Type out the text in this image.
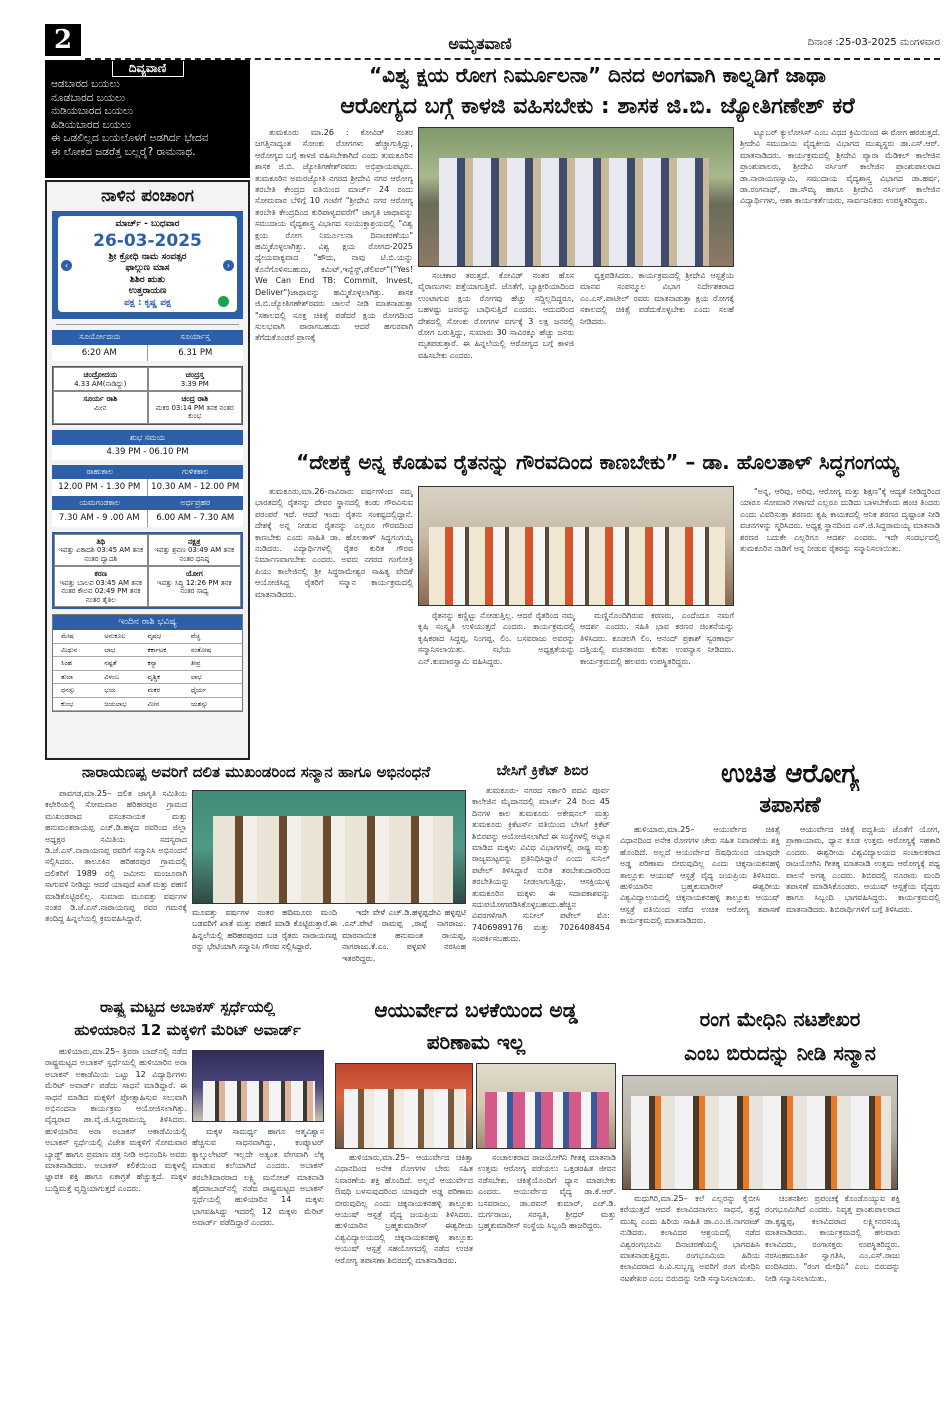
2	ಅಮೃತವಾಣಿ	ದಿನಾಂಕ :25-03-2025 ಮಂಗಳವಾರ
ದಿವ್ಯವಾಣಿ
ಆಡಬಾರದ ಬಯಲು
ನೂಡಬಾರದ ಬಯಲು
ನುಡಿಯಬಾರದ ಬಯಲು
ಹಿಡಿಯಬಾರದ ಬಯಲು
ಈ ಒಡಲಿಲ್ಲದ ಬಯಲೊಳಗೆ ಅಡಗಿರ್ದ ಭೇದವ
ಈ ಲೋಕದ ಜಡರೆತ್ತ ಬಲ್ಲರೈ? ರಾಮನಾಥ.
ನಾಳಿನ ಪಂಚಾಂಗ
ಮಾರ್ಚ್ - ಬುಧವಾರ
26-03-2025
ಶ್ರೀ ಕ್ರೋಧಿ ನಾಮ ಸಂವತ್ಸರ
ಫಾಲ್ಗುಣ ಮಾಸ
ಶಿಶಿರ ಋತು
ಉತ್ತರಾಯಣ
ಪಕ್ಷ : ಕೃಷ್ಣ ಪಕ್ಷ
‹	›
ಸೂರ್ಯೋದಯ	ಸೂರ್ಯಾಸ್ತ
6:20 AM	6.31 PM
ಚಂದ್ರೋದಯ
4.33 AM(ನಾಡಿದ್ದು)
ಚಂದ್ರಸ್ತ
3.39 PM
ಸೂರ್ಯ ರಾಶಿ
ಮೀನ
ಚಂದ್ರ ರಾಶಿ
ಮಕರ 03:14 PM ತನಕ ನಂತರ ಕುಂಭ
ಶುಭ ಸಮಯ
4.39 PM - 06.10 PM
ರಾಹುಕಾಲ	ಗುಳಿಕಕಾಲ
12.00 PM - 1.30 PM	10.30 AM - 12.00 PM
ಯಮಗಂಡಕಾಲ	ಅರ್ಧಪ್ರಹರ
7.30 AM - 9 .00 AM	6.00 AM - 7.30 AM
ತಿಥಿ
ಇವತ್ತು ಏಕಾದಶಿ 03:45 AM ತನಕ ನಂತರ ದ್ವಾದಶಿ
ನಕ್ಷತ್ರ
ಇವತ್ತು ಶ್ರವಣ 03:49 AM ತನಕ ನಂತರ ಧನಿಷ್ಠ
ಕರಣ
ಇವತ್ತು ಬಾಲವ 03:45 AM ತನಕ ನಂತರ ಕೌಲವ 02:49 PM ತನಕ ನಂತರ ತೈತಿಲ
ಯೋಗ
ಇವತ್ತು ಸಿದ್ಧಿ 12:26 PM ತನಕ ನಂತರ ಸಾಧ್ಯ
ಇಂದಿನ ರಾಶಿ ಭವಿಷ್ಯ
ಮೇಷ	ಅನುಕೂಲ	ವೃಷಭ	ವೆಚ್ಚ
ಮಿಥುನ	ಲಾಭ	ಕರ್ಕಾಟಕ	ಸಂತೋಷ
ಸಿಂಹ	ನಷ್ಟತೆ	ಕನ್ಯಾ	ತೀವ್ರ
ತುಲಾ	ವಿಳಂಬ	ವೃಶ್ಚಿಕ	ಲಾಭ
ಧನಸ್ಸು	ಭಯ	ಮಕರ	ಧೈರ್ಯ
ಕುಂಭ	ಜಯಲಾಭ	ಮೀನ	ಯಶಸ್ಸು
“ವಿಶ್ವ ಕ್ಷಯ ರೋಗ ನಿರ್ಮೂಲನಾ” ದಿನದ ಅಂಗವಾಗಿ ಕಾಲ್ನಡಿಗೆ ಜಾಥಾ
ಆರೋಗ್ಯದ ಬಗ್ಗೆ ಕಾಳಜಿ ವಹಿಸಬೇಕು : ಶಾಸಕ ಜಿ.ಬಿ. ಜ್ಯೋತಿಗಣೇಶ್ ಕರೆ
ತುಮಕೂರು ಮಾ.26 : ಕೋವಿಡ್ ನಂತರ ಜಗತ್ತಿನಾದ್ಯಂತ ಸೋಂಕು ರೋಗಗಳು ಹೆಚ್ಚಾಗುತ್ತಿದ್ದು, ಆರೋಗ್ಯದ ಬಗ್ಗೆ ಕಾಳಜಿ ವಹಿಸಬೇಕಾಗಿದೆ ಎಂದು ತುಮಕೂರಿನ ಶಾಸಕ ಜಿ.ಬಿ. ಜ್ಯೋತಿಗಣೇಶ್‌ರವರು ಅಭಿಪ್ರಾಯಪಟ್ಟರು. ತುಮಕೂರಿನ ಅಮರಜ್ಯೋತಿ ನಗರದ ಶ್ರೀದೇವಿ ನಗರ ಆರೋಗ್ಯ ತರಬೇತಿ ಕೇಂದ್ರದ ವತಿಯಿಂದ ಮಾರ್ಚ್ 24 ರಂದು ಸೋಮವಾರ ಬೆಳಿಗ್ಗೆ 10 ಗಂಟೆಗೆ "ಶ್ರೀದೇವಿ ನಗರ ಆರೋಗ್ಯ ತರಬೇತಿ ಕೇಂದ್ರದಿಂದ ಕುರಿಪಾಳ್ಯದವರೆಗೆ" ಜಾಗೃತಿ ಜಾಥಾವನ್ನು ಸಮುದಾಯ ವೈದ್ಯಶಾಸ್ತ್ರ ವಿಭಾಗದ ಸಂಯುಕ್ತಾಶ್ರಯದಲ್ಲಿ "ವಿಶ್ವ ಕ್ಷಯ ರೋಗ ನಿರ್ಮೂಲನಾ ದಿನಾಚರಣೆಯು" ಹಮ್ಮಿಕೊಳ್ಳಲಾಗಿತ್ತು. ವಿಶ್ವ ಕ್ಷಯ ರೋಗದ-2025 ಧ್ಯೇಯವಾಕ್ಯವಾದ "ಹೌದು, ನಾವು ಟಿ.ಬಿ.ಯನ್ನು ಕೊನೆಗೊಳಿಸಬಹುದು, ಕಮಿಟ್,ಇನ್ವೆಸ್ಟ್,ಡೆಲಿವರ್"("Yes! We Can End TB: Commit, Invest, Deliver")ಜಾಥಾವನ್ನು ಹಮ್ಮಿಕೊಳ್ಳಲಾಗಿತ್ತು. ಶಾಸಕ ಜಿ.ಬಿ.ಜ್ಯೋತಿಗಣೇಶ್‌ರವರು ಚಾಲನೆ ನೀಡಿ ಮಾತನಾಡುತ್ತಾ "ಸಕಾಲದಲ್ಲಿ ಸೂಕ್ತ ಚಿಕಿತ್ಸೆ ಪಡೆದರೆ ಕ್ಷಯ ರೋಗದಿಂದ ಸುಲಭವಾಗಿ ಪಾರಾಗಬಹುದು ಆದರೆ ಹಗುರವಾಗಿ ತೆಗೆದುಕೊಂಡರೆ ಪ್ರಾಣಕ್ಕೆ
ಸಂಚಕಾರ ತರುತ್ತದೆ. ಕೋವಿಡ್ ನಂತರ ಹೊಸ ವೈರಾಣುಗಳು ಪತ್ತೆಯಾಗುತ್ತಿವೆ. ಜೊತೆಗೆ, ಬ್ಯಾಕ್ಟೀರಿಯಾದಿಂದ ಉಂಟಾಗುವ ಕ್ಷಯ ರೋಗವು ಹೆಚ್ಚು ಸದ್ದಿಲ್ಲದಿದ್ದರೂ, ಬಹಳಷ್ಟು ಜನರನ್ನು ಬಾಧಿಸುತ್ತಿದೆ ಎಂದರು. ಆದುದರಿಂದ ದೇಶದಲ್ಲಿ ಸೋಂಕು ರೋಗಗಳ ವರ್ಗಕ್ಕೆ 3 ಲಕ್ಷ ಜನರಲ್ಲಿ ರೋಗ ಬರುತ್ತಿದ್ದು, ಸುಮಾರು 30 ಸಾವಿರಕ್ಕೂ ಹೆಚ್ಚು ಜನರು ಮೃತಪಡುತ್ತಾರೆ. ಈ ಹಿನ್ನಲೆಯಲ್ಲಿ ಆರೋಗ್ಯದ ಬಗ್ಗೆ ಕಾಳಜಿ ವಹಿಸಬೇಕು ಎಂದರು.
ವ್ಯಕ್ತಪಡಿಸಿದರು. ಕಾರ್ಯಕ್ರಮದಲ್ಲಿ ಶ್ರೀದೇವಿ ಆಸ್ಪತ್ರೆಯ ಮಾನವ ಸಂಪನ್ಮೂಲ ವಿಭಾಗ ನಿರ್ದೇಶಕರಾದ ಎಂ.ಎಸ್.ಪಾಟೀಲ್ ರವರು ಮಾತನಾಡುತ್ತಾ ಕ್ಷಯ ರೋಗಕ್ಕೆ ಸಕಾಲದಲ್ಲಿ ಚಿಕಿತ್ಸೆ ಪಡೆದುಕೊಳ್ಳಬೇಕು ಎಂದು ಸಲಹೆ ನೀಡಿದರು.
ಟ್ಯೂಬರ್ ಕ್ಯುಲೋಸಿಸ್ ಎಂಬ ವಿಧದ ಕ್ರಿಮಿಯಿಂದ ಈ ರೋಗ ಹರಡುತ್ತದೆ. ಶ್ರೀದೇವಿ ಸಮುದಾಯ ವೈದ್ಯಕೀಯ ವಿಭಾಗದ ಮುಖ್ಯಸ್ಥರು ಡಾ.ಎಸ್.ಆರ್. ಮಾತನಾಡಿದರು. ಕಾರ್ಯಕ್ರಮದಲ್ಲಿ ಶ್ರೀದೇವಿ ಪ್ಯಾರಾ ಮೆಡಿಕಲ್ ಕಾಲೇಜಿನ ಪ್ರಾಂಶುಪಾಲರು, ಶ್ರೀದೇವಿ ನರ್ಸಿಂಗ್ ಕಾಲೇಜಿನ ಪ್ರಾಂಶುಪಾಲರಾದ ಡಾ.ನಾರಾಯಣಸ್ವಾಮಿ, ಸಮುದಾಯ ವೈದ್ಯಶಾಸ್ತ್ರ ವಿಭಾಗದ ಡಾ.ಹರ್ಷ, ಡಾ.ರಂಗನಾಥ್, ಡಾ.ಸೌಮ್ಯ ಹಾಗೂ ಶ್ರೀದೇವಿ ನರ್ಸಿಂಗ್ ಕಾಲೇಜಿನ ವಿದ್ಯಾರ್ಥಿಗಳು, ಆಶಾ ಕಾರ್ಯಕರ್ತೆಯರು, ಸಾರ್ವಜನಿಕರು ಉಪಸ್ಥಿತರಿದ್ದರು.
“ದೇಶಕ್ಕೆ ಅನ್ನ ಕೊಡುವ ರೈತನನ್ನು ಗೌರವದಿಂದ ಕಾಣಬೇಕು” – ಡಾ. ಹೊಲತಾಳ್ ಸಿದ್ಧಗಂಗಯ್ಯ
ತುಮಕೂರು,ಮಾ.26-ನಾವಿರಾರು ವರ್ಷಗಳಿಂದ ನಮ್ಮ ಭಾರತದಲ್ಲಿ ರೈತನನ್ನು ದೇವರ ಸ್ಥಾನದಲ್ಲಿ ಕಂಡು ಗೌರವಿಸುವ ಪರಂಪರೆ ಇದೆ. ಆದರೆ ಇಂದು ರೈತನು ಸಂಕಷ್ಟದಲ್ಲಿದ್ದಾನೆ. ದೇಶಕ್ಕೆ ಅನ್ನ ನೀಡುವ ರೈತನನ್ನು ಎಲ್ಲರೂ ಗೌರವದಿಂದ ಕಾಣಬೇಕು ಎಂದು ಸಾಹಿತಿ ಡಾ. ಹೊಲತಾಳ್ ಸಿದ್ಧಗಂಗಯ್ಯ ನುಡಿದರು. ವಿದ್ಯಾರ್ಥಿಗಳಲ್ಲಿ ರೈತರ ಕುರಿತ ಗೌರವ ನಿರ್ಮಾಣವಾಗಬೇಕು ಎಂದರು. ಅವರು ನಗರದ ಗಂಗೋತ್ರಿ ಪಿಯು ಕಾಲೇಜಿನಲ್ಲಿ ಶ್ರೀ ಸಿದ್ಧರಾಮೇಶ್ವರ ಸಾಹಿತ್ಯ ವೇದಿಕೆ ಆಯೋಜಿಸಿದ್ದ ರೈತರಿಗೆ ಸನ್ಮಾನ ಕಾರ್ಯಕ್ರಮದಲ್ಲಿ ಮಾತನಾಡಿದರು.
ರೈತನನ್ನು ಕಣ್ಣಿಟ್ಟು ನೋಡುತ್ತಿಲ್ಲ. ಆದರೆ ರೈತರಿಂದ ನಮ್ಮ ಕೃಷಿ ಸಂಸ್ಕೃತಿ ಉಳಿಯುತ್ತದೆ ಎಂದರು. ಕಾರ್ಯಕ್ರಮದಲ್ಲಿ ಕೃಷಿಕರಾದ ಸಿದ್ದಪ್ಪ, ನಿಂಗಪ್ಪ, ಲಿಂ. ಬಸವರಾಜು ಅವರನ್ನು ಸನ್ಮಾನಿಸಲಾಯಿತು. ಸಭೆಯ ಅಧ್ಯಕ್ಷತೆಯನ್ನು ಎನ್.ಕುಮಾರಸ್ವಾಮಿ ವಹಿಸಿದ್ದರು.
ಮಣ್ಣಿನೊಂದಿಗಿರುವ ಕರಣರು, ಎಂದೆಂದೂ ನಮಗೆ ಆದರ್ಶ ಎಂದರು. ಸಹಿತಿ ಭಾವ ಕರಣರ ಚಿಂತನೆಯನ್ನು ತಿಳಿಸಿದರು. ಕೂಡಲಗಿ ಲಿಂ. ಆನಂದ್ ಪ್ರಕಾಶ್ ಸ್ವರಣಾರ್ಥ ದತ್ತಿಯಲ್ಲಿ ವಚನಕಾರರು ಕುರಿತು ಉಪನ್ಯಾಸ ನೀಡಿದರು. ಕಾರ್ಯಕ್ರಮದಲ್ಲಿ ಹಲವರು ಉಪಸ್ಥಿತರಿದ್ದರು.
"ಅನ್ನ, ಆರಿವು, ಅರಿವು, ಆರೋಗ್ಯ ಮತ್ತು ಶಿಕ್ಷಣ"ಕ್ಕೆ ಆದ್ಯತೆ ನೀಡಿದ್ದರಿಂದ ಯಾರೂ ಸೋಮಾರಿ ಗಳಾಗದೆ ಎಲ್ಲರೂ ದುಡಿದು ಬಾಳಬೇಕೆಂದು ಹಂಚಿ ತಿಂದರು ಎಂದು ವಿವರಿಸುತ್ತಾ ಶರಣರು ಕೃಷಿ ಕಾಯಕದಲ್ಲಿ ಆನಿಕ ಶರಣರ ದೃಷ್ಟಾಂತ ನೀಡಿ ವಚನಗಳನ್ನು ಸ್ಮರಿಸಿದರು. ಅಧ್ಯಕ್ಷ ಸ್ಥಾನದಿಂದ ಎಸ್.ಜಿ.ಸಿದ್ದರಾಮಯ್ಯ ಮಾತನಾಡಿ ಶರಣರ ಬದುಕೇ ಎಲ್ಲರಿಗೂ ಆದರ್ಶ ಎಂದರು. ಇದೇ ಸಂದರ್ಭದಲ್ಲಿ ತುಮಕೂರಿನ ನಾಡಿಗೆ ಅನ್ನ ನೀಡುವ ರೈತರನ್ನು ಸನ್ಮಾನಿಸಲಾಯಿತು.
ನಾರಾಯಣಪ್ಪ ಅವರಿಗೆ ದಲಿತ ಮುಖಂಡರಿಂದ ಸನ್ಮಾನ ಹಾಗೂ ಅಭಿನಂಧನೆ
ಪಾವಗಡ,ಮಾ.25– ದಲಿತ ಜಾಗೃತಿ ಸಮಿತಿಯ ಕಛೇರಿಯಲ್ಲಿ ಸೋಮವಾರ ಹರಿಹರಪುರ ಗ್ರಾಮದ ಮುಖಂಡರಾದ ವಸಂತನಾಯಕ ಮತ್ತು ಹನುಮಂತರಾಯಪ್ಪ ಎಚ್.ಡಿ.ಹಳ್ಳದ ರವರಿಂದ ಜಿಲ್ಲಾ ಅಧ್ಯಕ್ಷರ ಸಮಿತಿಯ ಸದಸ್ಯರಾದ ಡಿ.ಜೆ.ಎಸ್.ನಾರಾಯಣಪ್ಪ ರವರಿಗೆ ಸನ್ಮಾನಿಸಿ ಅಭಿನಂದನೆ ಸಲ್ಲಿಸಿದರು. ತಾಲೂಕಿನ ಹರಿಹರಪುರ ಗ್ರಾಮದಲ್ಲಿ ದಲಿತರಿಗೆ 1989 ರಲ್ಲಿ ಜಮೀನು ಮಂಜೂರಾಗಿ ಸಾಗುವಳಿ ನೀಡಿದ್ದು ಆದರೆ ಯಾವುದೆ ಖಾತೆ ಮತ್ತು ಪಹಣಿ ಮಾಡಿಕೊಟ್ಟಿರಲಿಲ್ಲ. ಸುಮಾರು ಮೂವತ್ತು ವರ್ಷಗಳ ನಂತರ ಡಿ.ಜೆ.ಎಸ್.ನಾರಾಯಣಪ್ಪ ರವರ ಗಮನಕ್ಕೆ ತಂದಿದ್ದ ಹಿನ್ನಲೆಯಲ್ಲಿ ಕ್ರಮವಹಿಸಿದ್ದಾರೆ.
ಮೂವತ್ತು ವರ್ಷಗಳ ನಂತರ ಹದಿಮೂರು ಮಂದಿ ಬಡವರಿಗೆ ಖಾತೆ ಮತ್ತು ಪಹಣಿ ಮಾಡಿ ಕೊಟ್ಟಿರುತ್ತಾರೆ.ಈ ಹಿನ್ನಲೆಯಲ್ಲಿ ಹರಿಹರಪುರದ ಬಡ ರೈತರು ನಾರಾಯಣಪ್ಪ ರನ್ನು ಭೇಟಿಯಾಗಿ ಸನ್ಮಾನಿಸಿ ಗೌರವ ಸಲ್ಲಿಸಿದ್ದಾರೆ.
ಇದೇ ವೇಳೆ ಎಚ್.ಡಿ.ಹಳ್ಳಪ್ಪದೇವಿ ಹಳ್ಳಪ್ಪಟಿ .ಎನ್.ಪೇಟೆ ರಾಮಪ್ಪ ,ರಾಪ್ಪೆ ನಾಗರಾಜು. ಮಾರನಾಯಿಕ ಹನುಮಂತ ರಾಯಪ್ಪ, ನಾಗರಾಜು.ಕೆ.ಎಂ. ಪಳ್ಳವಳಿ ನರಸಿಂಹ ಇತರರಿದ್ದರು.
ಬೇಸಿಗೆ ಕ್ರಿಕೆಟ್ ಶಿಬಿರ
ತುಮಕೂರು- ನಗರದ ಸರ್ಕಾರಿ ಪದವಿ ಪೂರ್ವ ಕಾಲೇಜಿನ ಮೈದಾನದಲ್ಲಿ ಮಾರ್ಚ್ 24 ರಿಂದ 45 ದಿನಗಳ ಕಾಲ ತುಮಕೂರು ಅಕೇಷನಲ್ ಮತ್ತು ತುಮಕೂರು ಕ್ರಿಕೆಟರ್ಸ್ ವತಿಯಿಂದ ಬೇಸಿಗೆ ಕ್ರಿಕೆಟ್ ಶಿಬಿರವನ್ನು ಆಯೋಜಿಸಲಾಗಿದೆ ಈ ಸಂಸ್ಥೆಗಳಲ್ಲಿ ಅಭ್ಯಾಸ ಮಾಡಿದ ಮಕ್ಕಳು ವಿವಿಧ ವಿಭಾಗಗಳಲ್ಲಿ ರಾಷ್ಟ್ರ ಮತ್ತು ರಾಜ್ಯಮಟ್ಟವನ್ನು ಪ್ರತಿನಿಧಿಸಿದ್ದಾರೆ ಎಂದು ಸುನಿಲ್ ಪಟೇಲ್ ತಿಳಿಸಿದ್ದಾರೆ ನುರಿತ ತರಬೇತುದಾರರಿಂದ ತರಬೇತಿಯನ್ನು ನೀಡಲಾಗುತ್ತಿದ್ದು, ಆಸಕ್ತಿಯುಳ್ಳ ತುಮಕೂರಿನ ಮಕ್ಕಳು ಈ ಸದಾವಕಾಶವನ್ನು ಸದುಪಯೋಗಪಡಿಸಿಕೊಳ್ಳಬಹುದು.ಹೆಚ್ಚಿನ ವಿವರಗಳಿಗಾಗಿ ಸುನೀಲ್ ಪಟೇಲ್ ಮೊ: 7406989176 ಮತ್ತು 7026408454 ಸಂಪರ್ಕಿಸಬಹುದು.
ಉಚಿತ ಆರೋಗ್ಯ
ತಪಾಸಣೆ
ಹುಳಿಯಾರು,ಮಾ.25– ಆಯುರ್ವೇದ ಚಿಕಿತ್ಸೆ ವಿಧಾನದಿಂದ ಅನೇಕ ರೋಗಗಳ ಚೇರು ಸಹಿತ ನಿವಾರಣೆಯ ಶಕ್ತಿ ಹೊಂದಿದೆ. ಅಲ್ಲದೆ ಆಯುರ್ವೇದ ಔಷಧಿಯಿಂದ ಯಾವುದೇ ಅಡ್ಡ ಪರಿಣಾಮ ಬೀರುವುದಿಲ್ಲ ಎಂದು ಚಿಕ್ಕನಾಯಕನಹಳ್ಳಿ ತಾಲ್ಲೂಕು ಆಯುಷ್ ಆಸ್ಪತ್ರೆ ವೈದ್ಯ ಜಯಪ್ರಿಯ ತಿಳಿಸಿದರು. ಹುಳಿಯಾರಿನ ಬ್ರಹ್ಮಕುಮಾರೀಸ್ ಈಶ್ವರೀಯ ವಿಶ್ವವಿದ್ಯಾಲಯದಲ್ಲಿ ಚಿಕ್ಕನಾಯಕನಹಳ್ಳಿ ತಾಲ್ಲೂಕು ಆಯುಷ್ ಆಸ್ಪತ್ರೆ ವತಿಯಿಂದ ನಡೆದ ಉಚಿತ ಆರೋಗ್ಯ ತಪಾಸಣೆ ಕಾರ್ಯಕ್ರಮದಲ್ಲಿ ಮಾತನಾಡಿದರು.
ಆಯುರ್ವೇದ ಚಿಕಿತ್ಸೆ ಪದ್ದತಿಯ ಜೊತೆಗೆ ಯೋಗ, ಪ್ರಾಣಾಯಾಮ, ಧ್ಯಾನ ಕೂಡ ಉತ್ತಮ ಆರೋಗ್ಯಕ್ಕೆ ಸಹಕಾರಿ ಎಂದರು. ಈಶ್ವರೀಯ ವಿಶ್ವವಿದ್ಯಾಲಯದ ಸಂಚಾಲಕರಾದ ರಾಜಯೋಗಿನಿ ಗೀತಕ್ಕ ಮಾತನಾಡಿ ಉತ್ತಮ ಆರೋಗ್ಯಕ್ಕೆ ಪಥ್ಯ ಪಾಲನೆ ಅಗತ್ಯ ಎಂದರು. ಶಿಬಿರದಲ್ಲಿ ನೂರಾರು ಮಂದಿ ತಪಾಸಣೆ ಮಾಡಿಸಿಕೊಂಡರು. ಆಯುಷ್ ಆಸ್ಪತ್ರೆಯ ವೈದ್ಯರು ಹಾಗೂ ಸಿಬ್ಬಂದಿ ಭಾಗವಹಿಸಿದ್ದರು. ಕಾರ್ಯಕ್ರಮದಲ್ಲಿ ಮಾತನಾಡಿದರು. ಶಿಬಿರಾರ್ಥಿಗಳಿಗೆ ಬಗ್ಗೆ ತಿಳಿಸಿದರು.
ರಾಷ್ಟ್ರ ಮಟ್ಟದ ಅಬಾಕಸ್ ಸ್ಪರ್ಧೆಯಲ್ಲಿ
ಹುಳಿಯಾರಿನ 12 ಮಕ್ಕಳಿಗೆ ಮೆರಿಟ್ ಅವಾರ್ಡ್
ಹುಳಿಯಾರು,ಮಾ.25– ತ್ರಿವರಾ ಬಾದ್‌ನಲ್ಲಿ ನಡೆದ ರಾಷ್ಟ್ರಮಟ್ಟದ ಅಬಾಕಸ್ ಸ್ಪರ್ಧೆಯಲ್ಲಿ ಹುಳಿಯಾರಿನ ಅರಾ ಅಬಾಕಸ್ ಅಕಾಡೆಮಿಯ ಒಟ್ಟು 12 ವಿದ್ಯಾರ್ಥಿಗಳು ಮೆರಿಟ್ ಅವಾರ್ಡ್ ಪಡೆದು ಸಾಧನೆ ಮಾಡಿದ್ದಾರೆ. ಈ ಸಾಧನೆ ಮಾಡಿದ ಮಕ್ಕಳಿಗೆ ಪ್ರೋತ್ಸಾಹಿಸುವ ಸಲುವಾಗಿ ಅಭಿನಂದನಾ ಕಾರ್ಯಕ್ರಮ ಆಯೋಜಿಸಲಾಗಿತ್ತು. ವೈದ್ಯರಾದ ಡಾ.ವೈ.ಜಿ.ಸಿದ್ದರಾಮಯ್ಯ ತಿಳಿಸಿದರು. ಹುಳಿಯಾರಿನ ಅರಾ ಅಬಾಕಸ್ ಅಕಾಡೆಮಿಯಲ್ಲಿ ಅಬಾಕಸ್ ಸ್ಪರ್ಧೆಯಲ್ಲಿ ವಿಜೇತ ಮಕ್ಕಳಿಗೆ ಸೋಮವಾರ ಬ್ಯಾಡ್ಜ್ ಹಾಗೂ ಪ್ರಮಾಣ ಪತ್ರ ನೀಡಿ ಅಭಿನಂದಿಸಿ ಅವರು ಮಾತನಾಡಿದರು. ಅಬಾಕಸ್ ಕಲಿಕೆಯಿಂದ ಮಕ್ಕಳಲ್ಲಿ ಜ್ಞಾಪಕ ಶಕ್ತಿ ಹಾಗೂ ಏಕಾಗ್ರತೆ ಹೆಚ್ಚುತ್ತದೆ. ಮಕ್ಕಳ ಬುದ್ಧಿಮತ್ತೆ ವೃದ್ಧಿಯಾಗುತ್ತದೆ ಎಂದರು.
ಮಕ್ಕಳ ಸಾಮರ್ಥ್ಯ ಹಾಗೂ ಆತ್ಮವಿಶ್ವಾಸ ಹೆಚ್ಚಿಸುವ ಸಾಧನವಾಗಿದ್ದು, ಕಂಪ್ಯೂಟರ್ ಕ್ಯಾಲ್ಕುಲೇಟರ್ ಇಲ್ಲದೇ ಅತ್ಯಂತ ವೇಗವಾಗಿ ಲೆಕ್ಕ ಮಾಡುವ ಕಲೆಯಾಗಿದೆ ಎಂದರು. ಅಬಾಕಸ್ ತರಬೇತಿದಾರರಾದ ಲಕ್ಷ್ಮಿ ಮನೋಜ್ ಮಾತನಾಡಿ ಹೈದರಾಬಾದ್‌ನಲ್ಲಿ ನಡೆದ ರಾಷ್ಟ್ರಮಟ್ಟದ ಅಬಾಕಸ್ ಸ್ಪರ್ಧೆಯಲ್ಲಿ ಹುಳಿಯಾರಿನ 14 ಮಕ್ಕಳು ಭಾಗವಹಿಸಿದ್ದು ಇದರಲ್ಲಿ 12 ಮಕ್ಕಳು ಮೆರಿಟ್ ಅವಾರ್ಡ್ ಪಡೆದಿದ್ದಾರೆ ಎಂದರು.
ಆಯುರ್ವೇದ ಬಳಕೆಯಿಂದ ಅಡ್ಡ
ಪರಿಣಾಮ ಇಲ್ಲ
ಹುಳಿಯಾರು,ಮಾ.25– ಆಯುರ್ವೇದ ಚಿಕಿತ್ಸಾ ವಿಧಾನದಿಂದ ಅನೇಕ ರೋಗಗಳ ಬೇರು ಸಹಿತ ನಿವಾರಣೆಯ ಶಕ್ತಿ ಹೊಂದಿದೆ. ಅಲ್ಲದೆ ಆಯುರ್ವೇದ ಔಷಧಿ ಬಳಸುವುದರಿಂದ ಯಾವುದೇ ಅಡ್ಡ ಪರಿಣಾಮ ಬೀರುವುದಿಲ್ಲ ಎಂದು ಚಿಕ್ಕನಾಯಕನಹಳ್ಳಿ ತಾಲ್ಲೂಕು ಆಯುಷ್ ಆಸ್ಪತ್ರೆ ವೈದ್ಯ ಜಯಪ್ರಿಯ ತಿಳಿಸಿದರು. ಹುಳಿಯಾರಿನ ಬ್ರಹ್ಮಕುಮಾರೀಸ್ ಈಶ್ವರೀಯ ವಿಶ್ವವಿದ್ಯಾಲಯದಲ್ಲಿ ಚಿಕ್ಕನಾಯಕನಹಳ್ಳಿ ತಾಲ್ಲೂಕು ಆಯುಷ್ ಆಸ್ಪತ್ರೆ ಸಹಯೋಗದಲ್ಲಿ ನಡೆದ ಉಚಿತ ಆರೋಗ್ಯ ತಪಾಸಣಾ ಶಿಬಿರದಲ್ಲಿ ಮಾತನಾಡಿದರು.
ಸಂಚಾಲಕರಾದ ರಾಜಯೋಗಿನಿ ಗೀತಕ್ಕ ಮಾತನಾಡಿ ಉತ್ತಮ ಆರೋಗ್ಯ ಪಡೆಯಲು ಒತ್ತಡರಹಿತ ಜೀವನ ನಡೆಸಬೇಕು. ಚಿಕಿತ್ಸೆಯೊಂದಿಗೆ ಧ್ಯಾನ ಮಾಡಬೇಕು ಎಂದರು. ಆಯುರ್ವೇದ ವೈದ್ಯ ಡಾ.ಕೆ.ಆರ್. ಬಸವರಾಜು, ಡಾ.ಪವನ್ ಕುಮಾರ್, ಎಚ್.ಡಿ. ದುರ್ಗರಾಜು, ಸರಸ್ವತಿ, ಶ್ರೀಧರ್ ಮತ್ತು ಬ್ರಹ್ಮಕುಮಾರೀಸ್ ಸಂಸ್ಥೆಯ ಸಿಬ್ಬಂದಿ ಹಾಜರಿದ್ದರು.
ರಂಗ ಮೇಧಿನಿ ನಟಶೇಖರ
ಎಂಬ ಬಿರುದನ್ನು ನೀಡಿ ಸನ್ಮಾನ
ಮಧುಗಿರಿ,ಮಾ.25– ಕಲೆ ಎಲ್ಲರನ್ನು ಕೈಬೀಸಿ ಕರೆಯುತ್ತದೆ ಆದರೆ ಕಲಾವಿದನಾಗಲು ಸಾಧನೆ, ಶ್ರದ್ಧೆ ಮುಖ್ಯ ಎಂದು ಹಿರಿಯ ಸಾಹಿತಿ ಡಾ.ಎಂ.ಜಿ.ನಾಗರಾಜ್ ನುಡಿದರು. ಕಲಾವಿದರ ಆಶ್ರಯದಲ್ಲಿ ನಡೆದ ವಿಶ್ವರಂಗಭೂಮಿ ದಿನಾಚರಣೆಯಲ್ಲಿ ಭಾಗವಹಿಸಿ ಮಾತನಾಡುತ್ತಿದ್ದರು. ರಂಗಭೂಮಿಯ ಹಿರಿಯ ಕಲಾವಿದರಾದ ಪಿ.ವಿ.ಸುಬ್ಬಣ್ಣ ಅವರಿಗೆ ರಂಗ ಮೇಧಿನಿ ನಟಶೇಖರ ಎಂಬ ಬಿರುದನ್ನು ನೀಡಿ ಸನ್ಮಾನಿಸಲಾಯಿತು.
ಚಿಂತನಶೀಲ ಪ್ರಪಂಚಕ್ಕೆ ಕೊಂಡೊಯ್ಯುವ ಶಕ್ತಿ ರಂಗಭೂಮಿಗಿದೆ ಎಂದರು. ನಿವೃತ್ತ ಪ್ರಾಂಶುಪಾಲರಾದ ಡಾ.ಕೃಷ್ಣಪ್ಪ, ಕಲಾವಿದರಾದ ಲಕ್ಷ್ಮೀನರಸಯ್ಯ ಮಾತನಾಡಿದರು. ಕಾರ್ಯಕ್ರಮದಲ್ಲಿ ಹಲವಾರು ಕಲಾವಿದರು, ರಂಗಾಸಕ್ತರು ಉಪಸ್ಥಿತರಿದ್ದರು. ನರಸಿಂಹಮೂರ್ತಿ ಸ್ವಾಗತಿಸಿ, ಎಂ.ಎಸ್.ರಾಜು ವಂದಿಸಿದರು. "ರಂಗ ಮೇಧಿನಿ" ಎಂಬ ಬಿರುದನ್ನು ನೀಡಿ ಸನ್ಮಾನಿಸಲಾಯಿತು.
